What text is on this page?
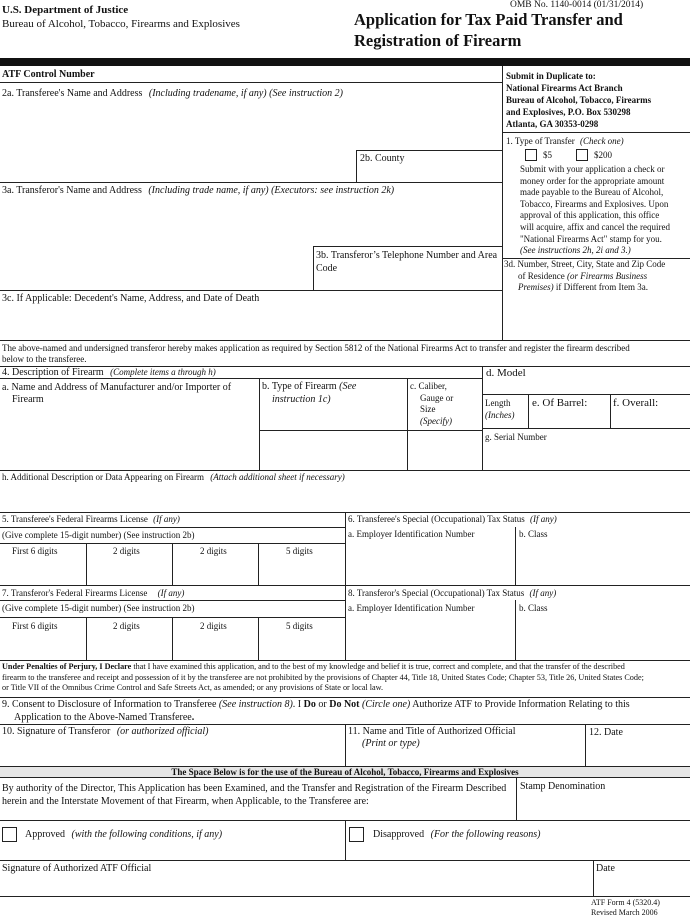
U.S. Department of Justice
Bureau of Alcohol, Tobacco, Firearms and Explosives
OMB No. 1140-0014 (01/31/2014)
Application for Tax Paid Transfer and
Registration of Firearm
ATF Control Number
2a. Transferee's Name and Address (Including tradename, if any) (See instruction 2)
2b. County
3a. Transferor's Name and Address (Including trade name, if any) (Executors: see instruction 2k)
3b. Transferor’s Telephone Number and Area Code
3c. If Applicable: Decedent's Name, Address, and Date of Death
Submit in Duplicate to:
National Firearms Act Branch
Bureau of Alcohol, Tobacco, Firearms
and Explosives, P.O. Box 530298
Atlanta, GA 30353-0298
1. Type of Transfer (Check one)
$5	$200
Submit with your application a check or
money order for the appropriate amount
made payable to the Bureau of Alcohol,
Tobacco, Firearms and Explosives. Upon
approval of this application, this office
will acquire, affix and cancel the required
"National Firearms Act" stamp for you.
(See instructions 2h, 2i and 3.)
3d. Number, Street, City, State and Zip Code
of Residence (or Firearms Business
Premises) if Different from Item 3a.
The above-named and undersigned transferor hereby makes application as required by Section 5812 of the National Firearms Act to transfer and register the firearm described
below to the transferee.
4. Description of Firearm (Complete items a through h)	d. Model
a. Name and Address of Manufacturer and/or Importer of
Firearm
b. Type of Firearm (See
instruction 1c)
c. Caliber,
Gauge or
Size
(Specify)
Length
(Inches)
e. Of Barrel: f. Overall:
g. Serial Number
h. Additional Description or Data Appearing on Firearm (Attach additional sheet if necessary)
5. Transferee's Federal Firearms License (If any)
(Give complete 15-digit number) (See instruction 2b)
First 6 digits	2 digits	2 digits	5 digits
6. Transferee's Special (Occupational) Tax Status (If any)
a. Employer Identification Number	b. Class
7. Transferor's Federal Firearms License (If any)
(Give complete 15-digit number) (See instruction 2b)
First 6 digits	2 digits	2 digits	5 digits
8. Transferor's Special (Occupational) Tax Status (If any)
a. Employer Identification Number	b. Class
Under Penalties of Perjury, I Declare that I have examined this application, and to the best of my knowledge and belief it is true, correct and complete, and that the transfer of the described
firearm to the transferee and receipt and possession of it by the transferee are not prohibited by the provisions of Chapter 44, Title 18, United States Code; Chapter 53, Title 26, United States Code;
or Title VII of the Omnibus Crime Control and Safe Streets Act, as amended; or any provisions of State or local law.
9. Consent to Disclosure of Information to Transferee (See instruction 8). I Do or Do Not (Circle one) Authorize ATF to Provide Information Relating to this
Application to the Above-Named Transferee.
10. Signature of Transferor (or authorized official)	11. Name and Title of Authorized Official
(Print or type)
12. Date
The Space Below is for the use of the Bureau of Alcohol, Tobacco, Firearms and Explosives
By authority of the Director, This Application has been Examined, and the Transfer and Registration of the Firearm Described
herein and the Interstate Movement of that Firearm, when Applicable, to the Transferee are:
Stamp Denomination
Approved (with the following conditions, if any)	Disapproved (For the following reasons)
Signature of Authorized ATF Official	Date
ATF Form 4 (5320.4)
Revised March 2006
